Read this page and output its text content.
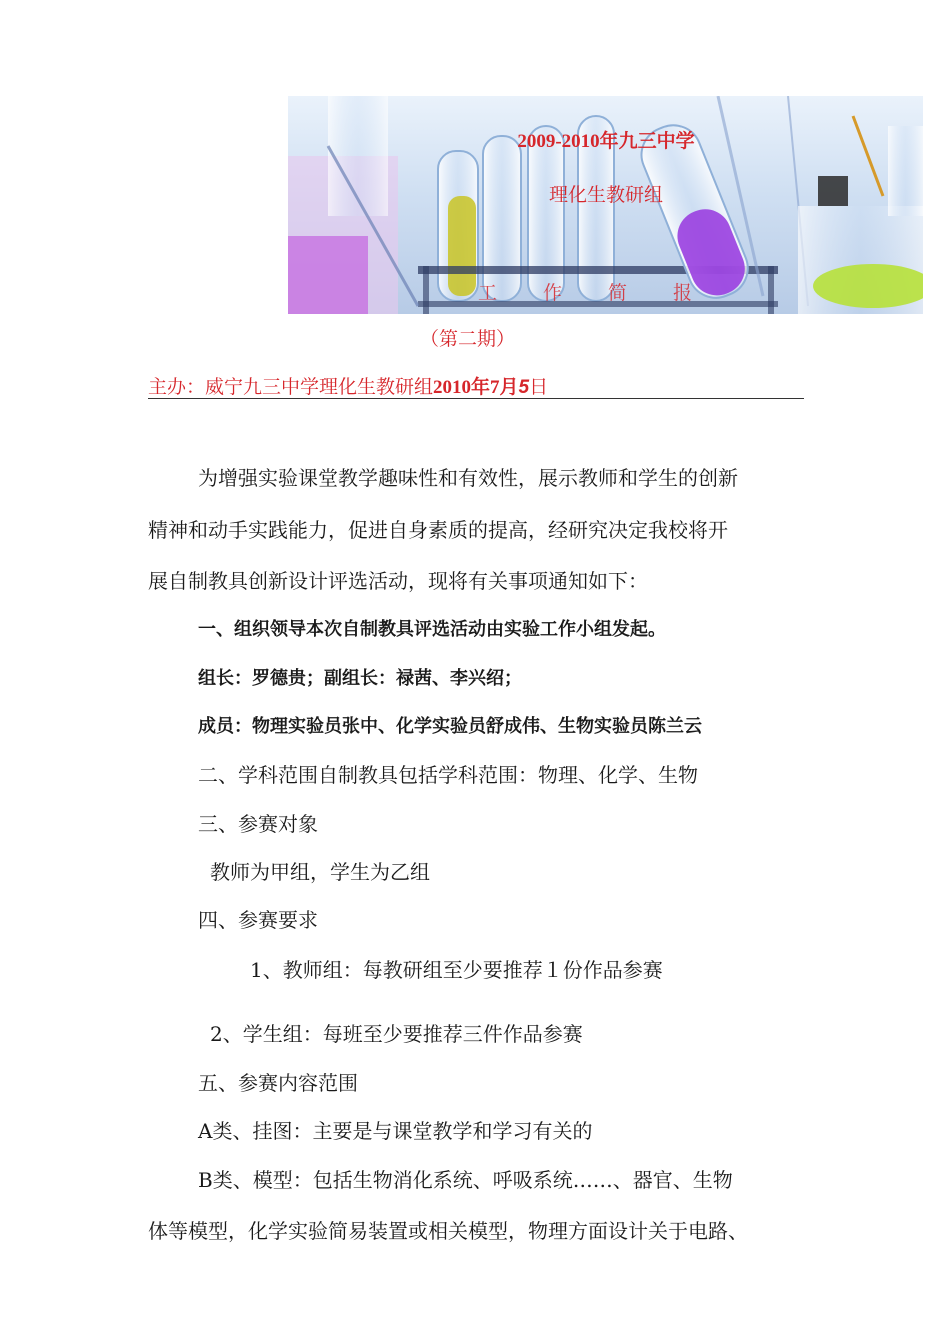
2009-2010年九三中学
理化生教研组
工作简报
（第二期）
主办：威宁九三中学理化生教研组2010年7月5日
为增强实验课堂教学趣味性和有效性，展示教师和学生的创新
精神和动手实践能力，促进自身素质的提高，经研究决定我校将开
展自制教具创新设计评选活动，现将有关事项通知如下：
一、组织领导本次自制教具评选活动由实验工作小组发起。
组长：罗德贵；副组长：禄茜、李兴绍；
成员：物理实验员张中、化学实验员舒成伟、生物实验员陈兰云
二、学科范围自制教具包括学科范围：物理、化学、生物
三、参赛对象
教师为甲组，学生为乙组
四、参赛要求
1、教师组：每教研组至少要推荐１份作品参赛
2、学生组：每班至少要推荐三件作品参赛
五、参赛内容范围
A类、挂图：主要是与课堂教学和学习有关的
B类、模型：包括生物消化系统、呼吸系统……、器官、生物
体等模型，化学实验简易装置或相关模型，物理方面设计关于电路、
